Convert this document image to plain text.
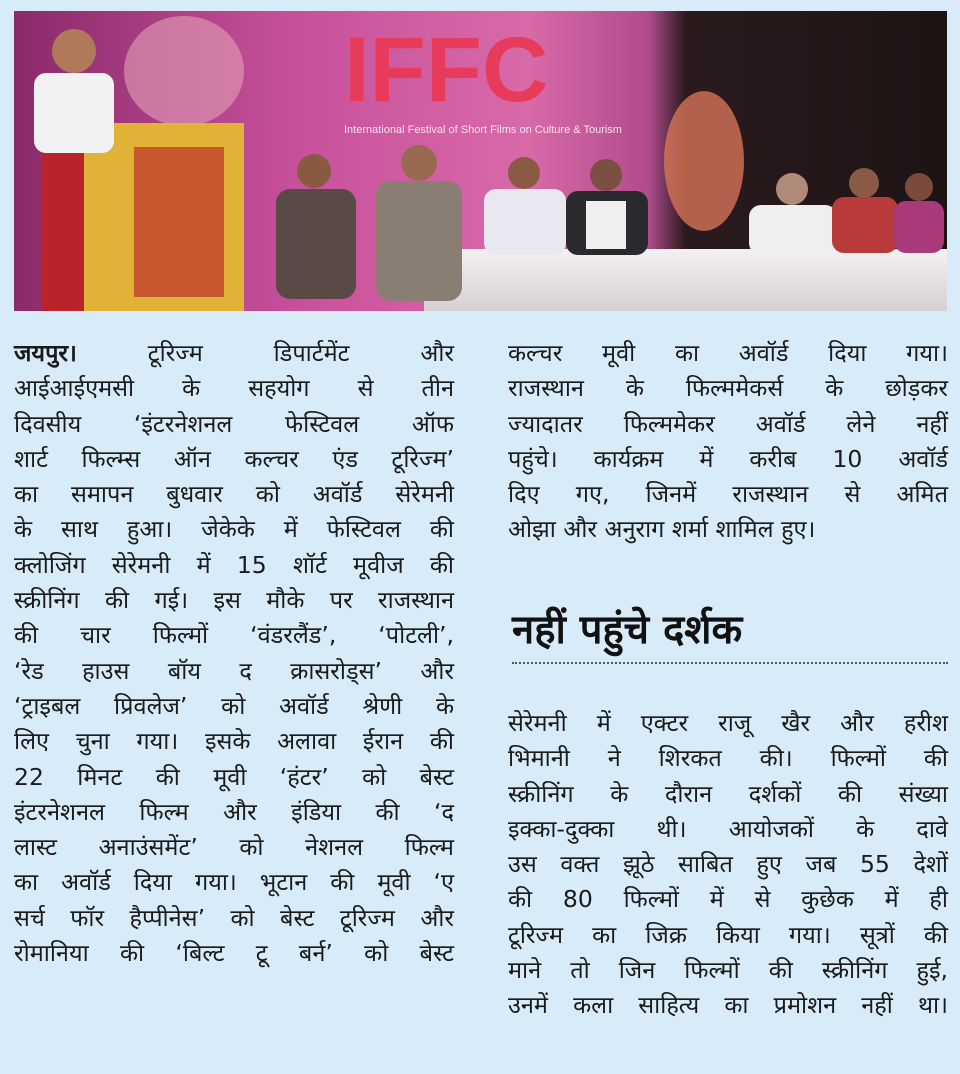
IFFC
International Festival of Short Films on Culture & Tourism
जयपुर। टूरिज्म डिपार्टमेंट और
आईआईएमसी के सहयोग से तीन
दिवसीय ‘इंटरनेशनल फेस्टिवल ऑफ
शार्ट फिल्म्स ऑन कल्चर एंड टूरिज्म’
का समापन बुधवार को अवॉर्ड सेरेमनी
के साथ हुआ। जेकेके में फेस्टिवल की
क्लोजिंग सेरेमनी में 15 शॉर्ट मूवीज की
स्क्रीनिंग की गई। इस मौके पर राजस्थान
की चार फिल्मों ‘वंडरलैंड’, ‘पोटली’,
‘रेड हाउस बॉय द क्रासरोड्स’ और
‘ट्राइबल प्रिवलेज’ को अवॉर्ड श्रेणी के
लिए चुना गया। इसके अलावा ईरान की
22 मिनट की मूवी ‘हंटर’ को बेस्ट
इंटरनेशनल फिल्म और इंडिया की ‘द
लास्ट अनाउंसमेंट’ को नेशनल फिल्म
का अवॉर्ड दिया गया। भूटान की मूवी ‘ए
सर्च फॉर हैप्पीनेस’ को बेस्ट टूरिज्म और
रोमानिया की ‘बिल्ट टू बर्न’ को बेस्ट
कल्चर मूवी का अवॉर्ड दिया गया।
राजस्थान के फिल्ममेकर्स के छोड़कर
ज्यादातर फिल्ममेकर अवॉर्ड लेने नहीं
पहुंचे। कार्यक्रम में करीब 10 अवॉर्ड
दिए गए, जिनमें राजस्थान से अमित
ओझा और अनुराग शर्मा शामिल हुए।
नहीं पहुंचे दर्शक
सेरेमनी में एक्टर राजू खैर और हरीश
भिमानी ने शिरकत की। फिल्मों की
स्क्रीनिंग के दौरान दर्शकों की संख्या
इक्का-दुक्का थी। आयोजकों के दावे
उस वक्त झूठे साबित हुए जब 55 देशों
की 80 फिल्मों में से कुछेक में ही
टूरिज्म का जिक्र किया गया। सूत्रों की
माने तो जिन फिल्मों की स्क्रीनिंग हुई,
उनमें कला साहित्य का प्रमोशन नहीं था।
